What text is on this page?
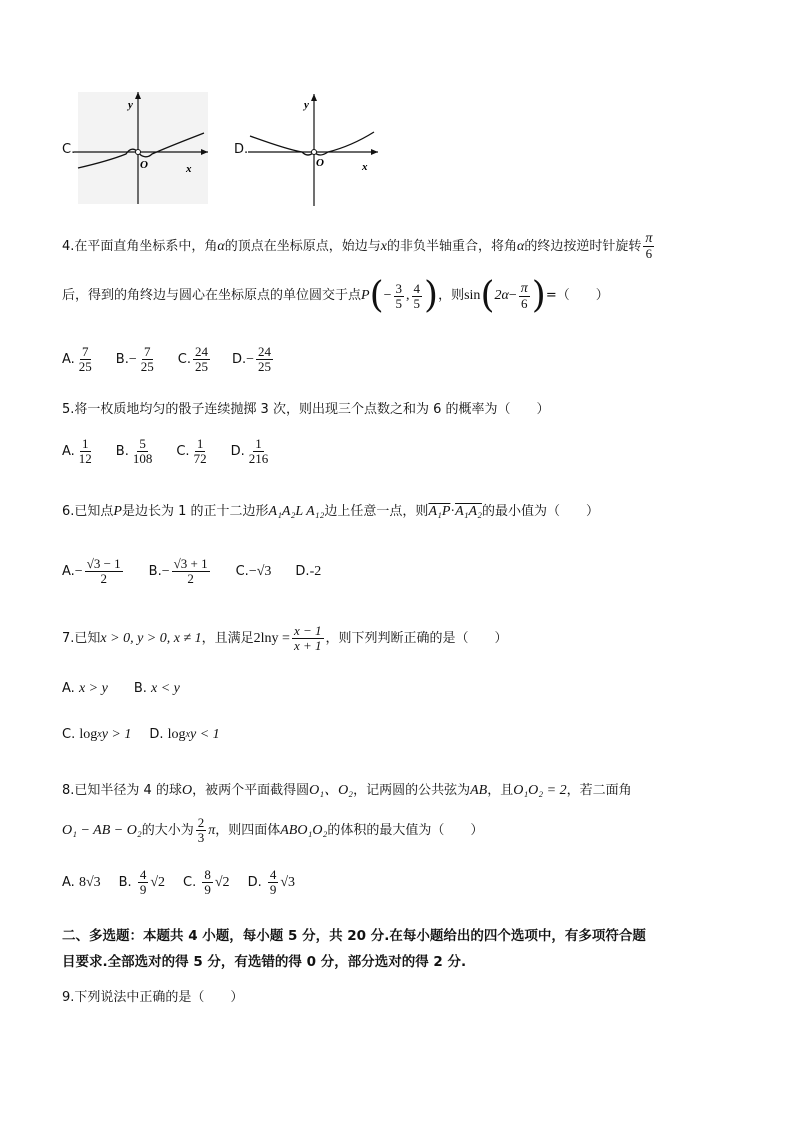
C.
y
x
O
D.
y
x
O
4.在平面直角坐标系中，角 α 的顶点在坐标原点，始边与 x 的非负半轴重合，将角 α 的终边按逆时针旋转 $\frac{\pi}{6}$
后，得到的角终边与圆心在坐标原点的单位圆交于点 P ( − $\frac{3}{5}$ , $\frac{4}{5}$ ) ，则 sin ( $2\alpha - \frac{\pi}{6}$ ) =（　　）
A. $\frac{7}{25} B$. − $\frac{7}{25} C$. $\frac{24}{25} D$. − $\frac{24}{25}$
5.将一枚质地均匀的骰子连续抛掷 3 次，则出现三个点数之和为 6 的概率为（　　）
A. $\frac{1}{12} B$. $\frac{5}{108} C$. $\frac{1}{72} D$. $\frac{1}{216}$
6.已知点 P 是边长为 1 的正十二边形 A₁A₂L A₁₂ 边上任意一点，则 A₁P · A₁A₂ 的最小值为（　　）
A. − $\frac{√3 - 1}{2} B$. − $\frac{√3 + 1}{2} C$. −√3 D. -2
7.已知 x > 0, y > 0, x ≠ 1 ，且满足 $2\ln y = \frac{x - 1}{x + 1}$ ，则下列判断正确的是（　　）
A.
x > y B.
x < y
C.
log x y > 1 D.
log x y < 1
8.已知半径为 4 的球 O ，被两个平面截得圆 O₁、O₂ ，记两圆的公共弦为 AB ，且 O₁O₂ = 2 ，若二面角
O₁ − AB − O₂ 的大小为 $\frac{2}{3}$ π ，则四面体 ABO₁O₂ 的体积的最大值为（　　）
A.
8√3 B.
$\frac{4}{9} √2$ C.
$\frac{8}{9} √2$ D.
$\frac{4}{9} √3$
二、多选题：本题共 4 小题，每小题 5 分，共 20 分.在每小题给出的四个选项中，有多项符合题
目要求.全部选对的得 5 分，有选错的得 0 分，部分选对的得 2 分.
9.下列说法中正确的是（　　）
